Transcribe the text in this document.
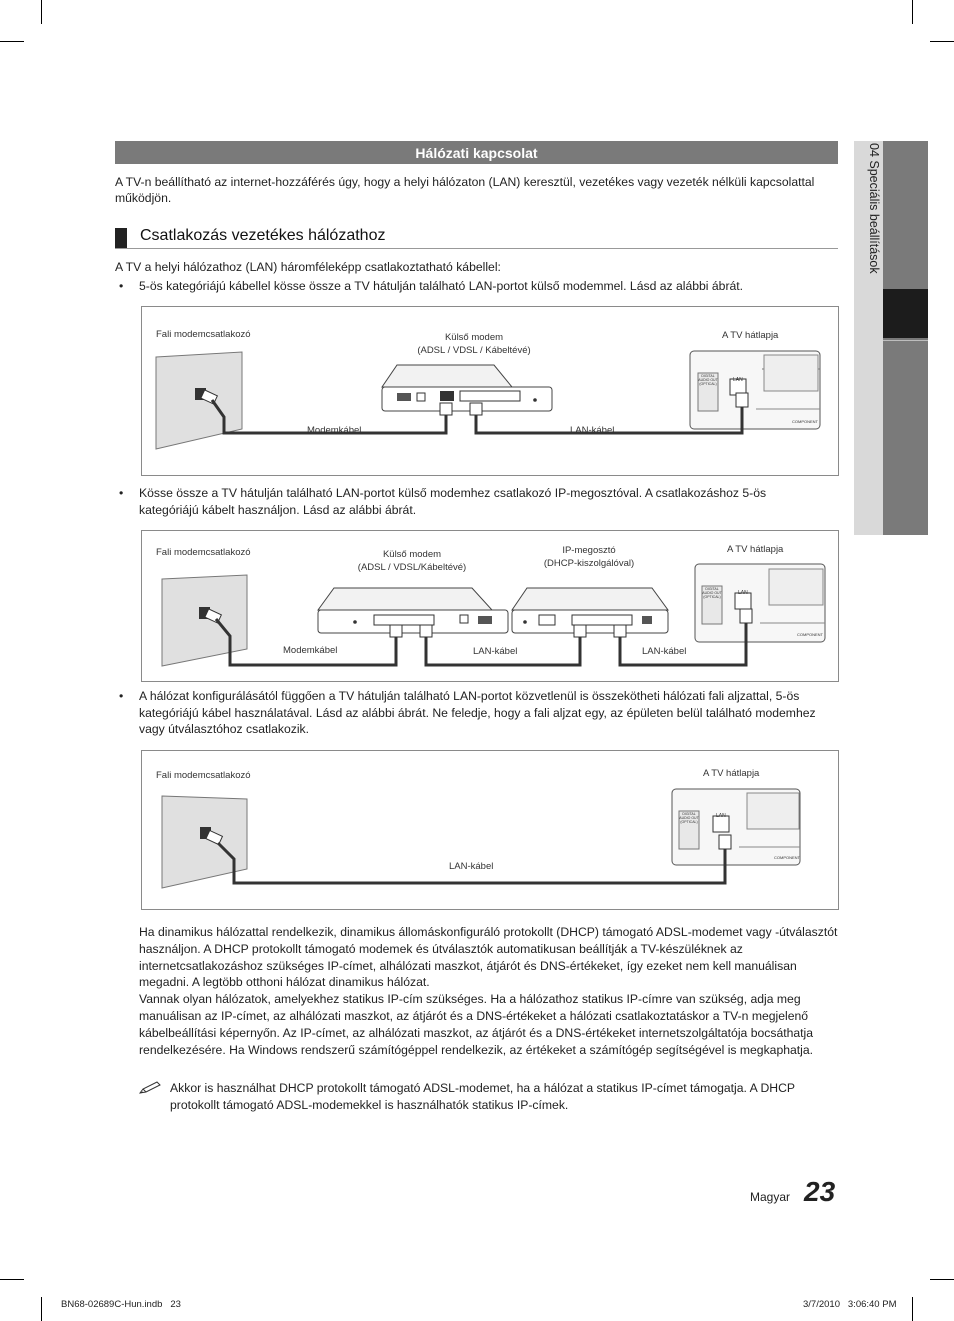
04 Speciális beállítások
Hálózati kapcsolat
A TV-n beállítható az internet-hozzáférés úgy, hogy a helyi hálózaton (LAN) keresztül, vezetékes vagy vezeték nélküli kapcsolattal működjön.
Csatlakozás vezetékes hálózathoz
A TV a helyi hálózathoz (LAN) háromféleképp csatlakoztatható kábellel:
• 5-ös kategóriájú kábellel kösse össze a TV hátulján található LAN-portot külső modemmel. Lásd az alábbi ábrát.
Fali modemcsatlakozó	Külső modem
(ADSL / VDSL / Kábeltévé)
A TV hátlapja
Modemkábel	LAN-kábel
LAN
DIGITAL AUDIO OUT (OPTICAL)
COMPONENT
• Kösse össze a TV hátulján található LAN-portot külső modemhez csatlakozó IP-megosztóval. A csatlakozáshoz 5-ös kategóriájú kábelt használjon. Lásd az alábbi ábrát.
Fali modemcsatlakozó	Külső modem
(ADSL / VDSL/Kábeltévé)
IP-megosztó
(DHCP-kiszolgálóval)
A TV hátlapja
Modemkábel	LAN-kábel	LAN-kábel
LAN
DIGITAL AUDIO OUT (OPTICAL)
COMPONENT
• A hálózat konfigurálásától függően a TV hátulján található LAN-portot közvetlenül is összekötheti hálózati fali aljzattal, 5-ös kategóriájú kábel használatával. Lásd az alábbi ábrát. Ne feledje, hogy a fali aljzat egy, az épületen belül található modemhez vagy útválasztóhoz csatlakozik.
Fali modemcsatlakozó	A TV hátlapja
LAN-kábel
LAN
DIGITAL AUDIO OUT (OPTICAL)
COMPONENT
Ha dinamikus hálózattal rendelkezik, dinamikus állomáskonfiguráló protokollt (DHCP) támogató ADSL-modemet vagy -útválasztót használjon. A DHCP protokollt támogató modemek és útválasztók automatikusan beállítják a TV-készüléknek az internetcsatlakozáshoz szükséges IP-címet, alhálózati maszkot, átjárót és DNS-értékeket, így ezeket nem kell manuálisan megadni. A legtöbb otthoni hálózat dinamikus hálózat.
Vannak olyan hálózatok, amelyekhez statikus IP-cím szükséges. Ha a hálózathoz statikus IP-címre van szükség, adja meg manuálisan az IP-címet, az alhálózati maszkot, az átjárót és a DNS-értékeket a hálózati csatlakoztatáskor a TV-n megjelenő kábelbeállítási képernyőn. Az IP-címet, az alhálózati maszkot, az átjárót és a DNS-értékeket internetszolgáltatója bocsáthatja rendelkezésére. Ha Windows rendszerű számítógéppel rendelkezik, az értékeket a számítógép segítségével is megkaphatja.
Akkor is használhat DHCP protokollt támogató ADSL-modemet, ha a hálózat a statikus IP-címet támogatja. A DHCP protokollt támogató ADSL-modemekkel is használhatók statikus IP-címek.
Magyar 23
BN68-02689C-Hun.indb   23	3/7/2010   3:06:40 PM
